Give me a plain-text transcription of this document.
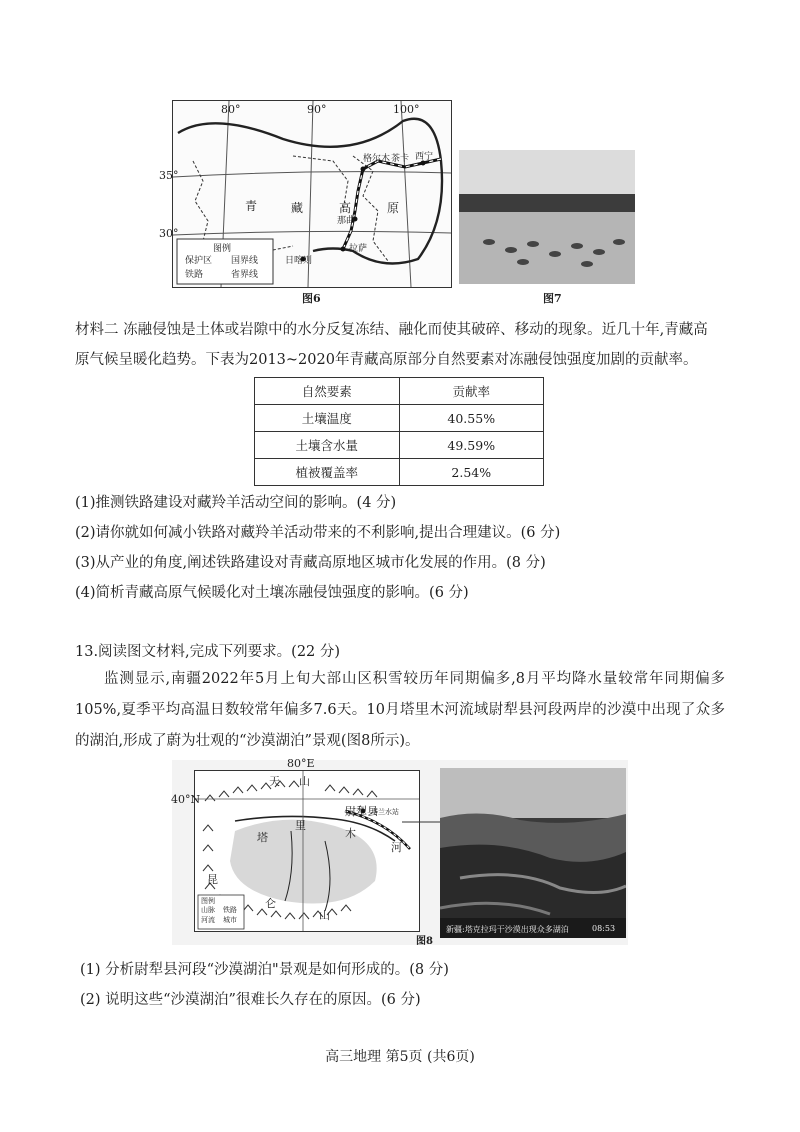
80°	90°	100°
35°
30°
青	藏	高	原
格尔木 茶卡 西宁
那曲
拉萨
日喀则
图例
保护区 国界线
铁路	省界线
图6	图7
材料二 冻融侵蚀是土体或岩隙中的水分反复冻结、融化而使其破碎、移动的现象。近几十年,青藏高
原气候呈暖化趋势。下表为2013~2020年青藏高原部分自然要素对冻融侵蚀强度加剧的贡献率。
自然要素	贡献率
土壤温度	40.55%
土壤含水量	49.59%
植被覆盖率	2.54%
(1)推测铁路建设对藏羚羊活动空间的影响。(4 分)
(2)请你就如何减小铁路对藏羚羊活动带来的不利影响,提出合理建议。(6 分)
(3)从产业的角度,阐述铁路建设对青藏高原地区城市化发展的作用。(8 分)
(4)简析青藏高原气候暖化对土壤冻融侵蚀强度的影响。(6 分)
13.阅读图文材料,完成下列要求。(22 分)
监测显示,南疆2022年5月上旬大部山区积雪较历年同期偏多,8月平均降水量较常年同期偏多105%,夏季平均高温日数较常年偏多7.6天。10月塔里木河流域尉犁县河段两岸的沙漠中出现了众多的湖泊,形成了蔚为壮观的“沙漠湖泊”景观(图8所示)。
80°E
40°N
天 山
塔
里
木
河
尉犁县
昆
仑
山
塔兰水站
图例
山脉 铁路
河流 城市
新疆:塔克拉玛干沙漠出现众多湖泊	08:53
图8
(1) 分析尉犁县河段“沙漠湖泊"景观是如何形成的。(8 分)
(2) 说明这些“沙漠湖泊”很难长久存在的原因。(6 分)
高三地理 第5页 (共6页)
